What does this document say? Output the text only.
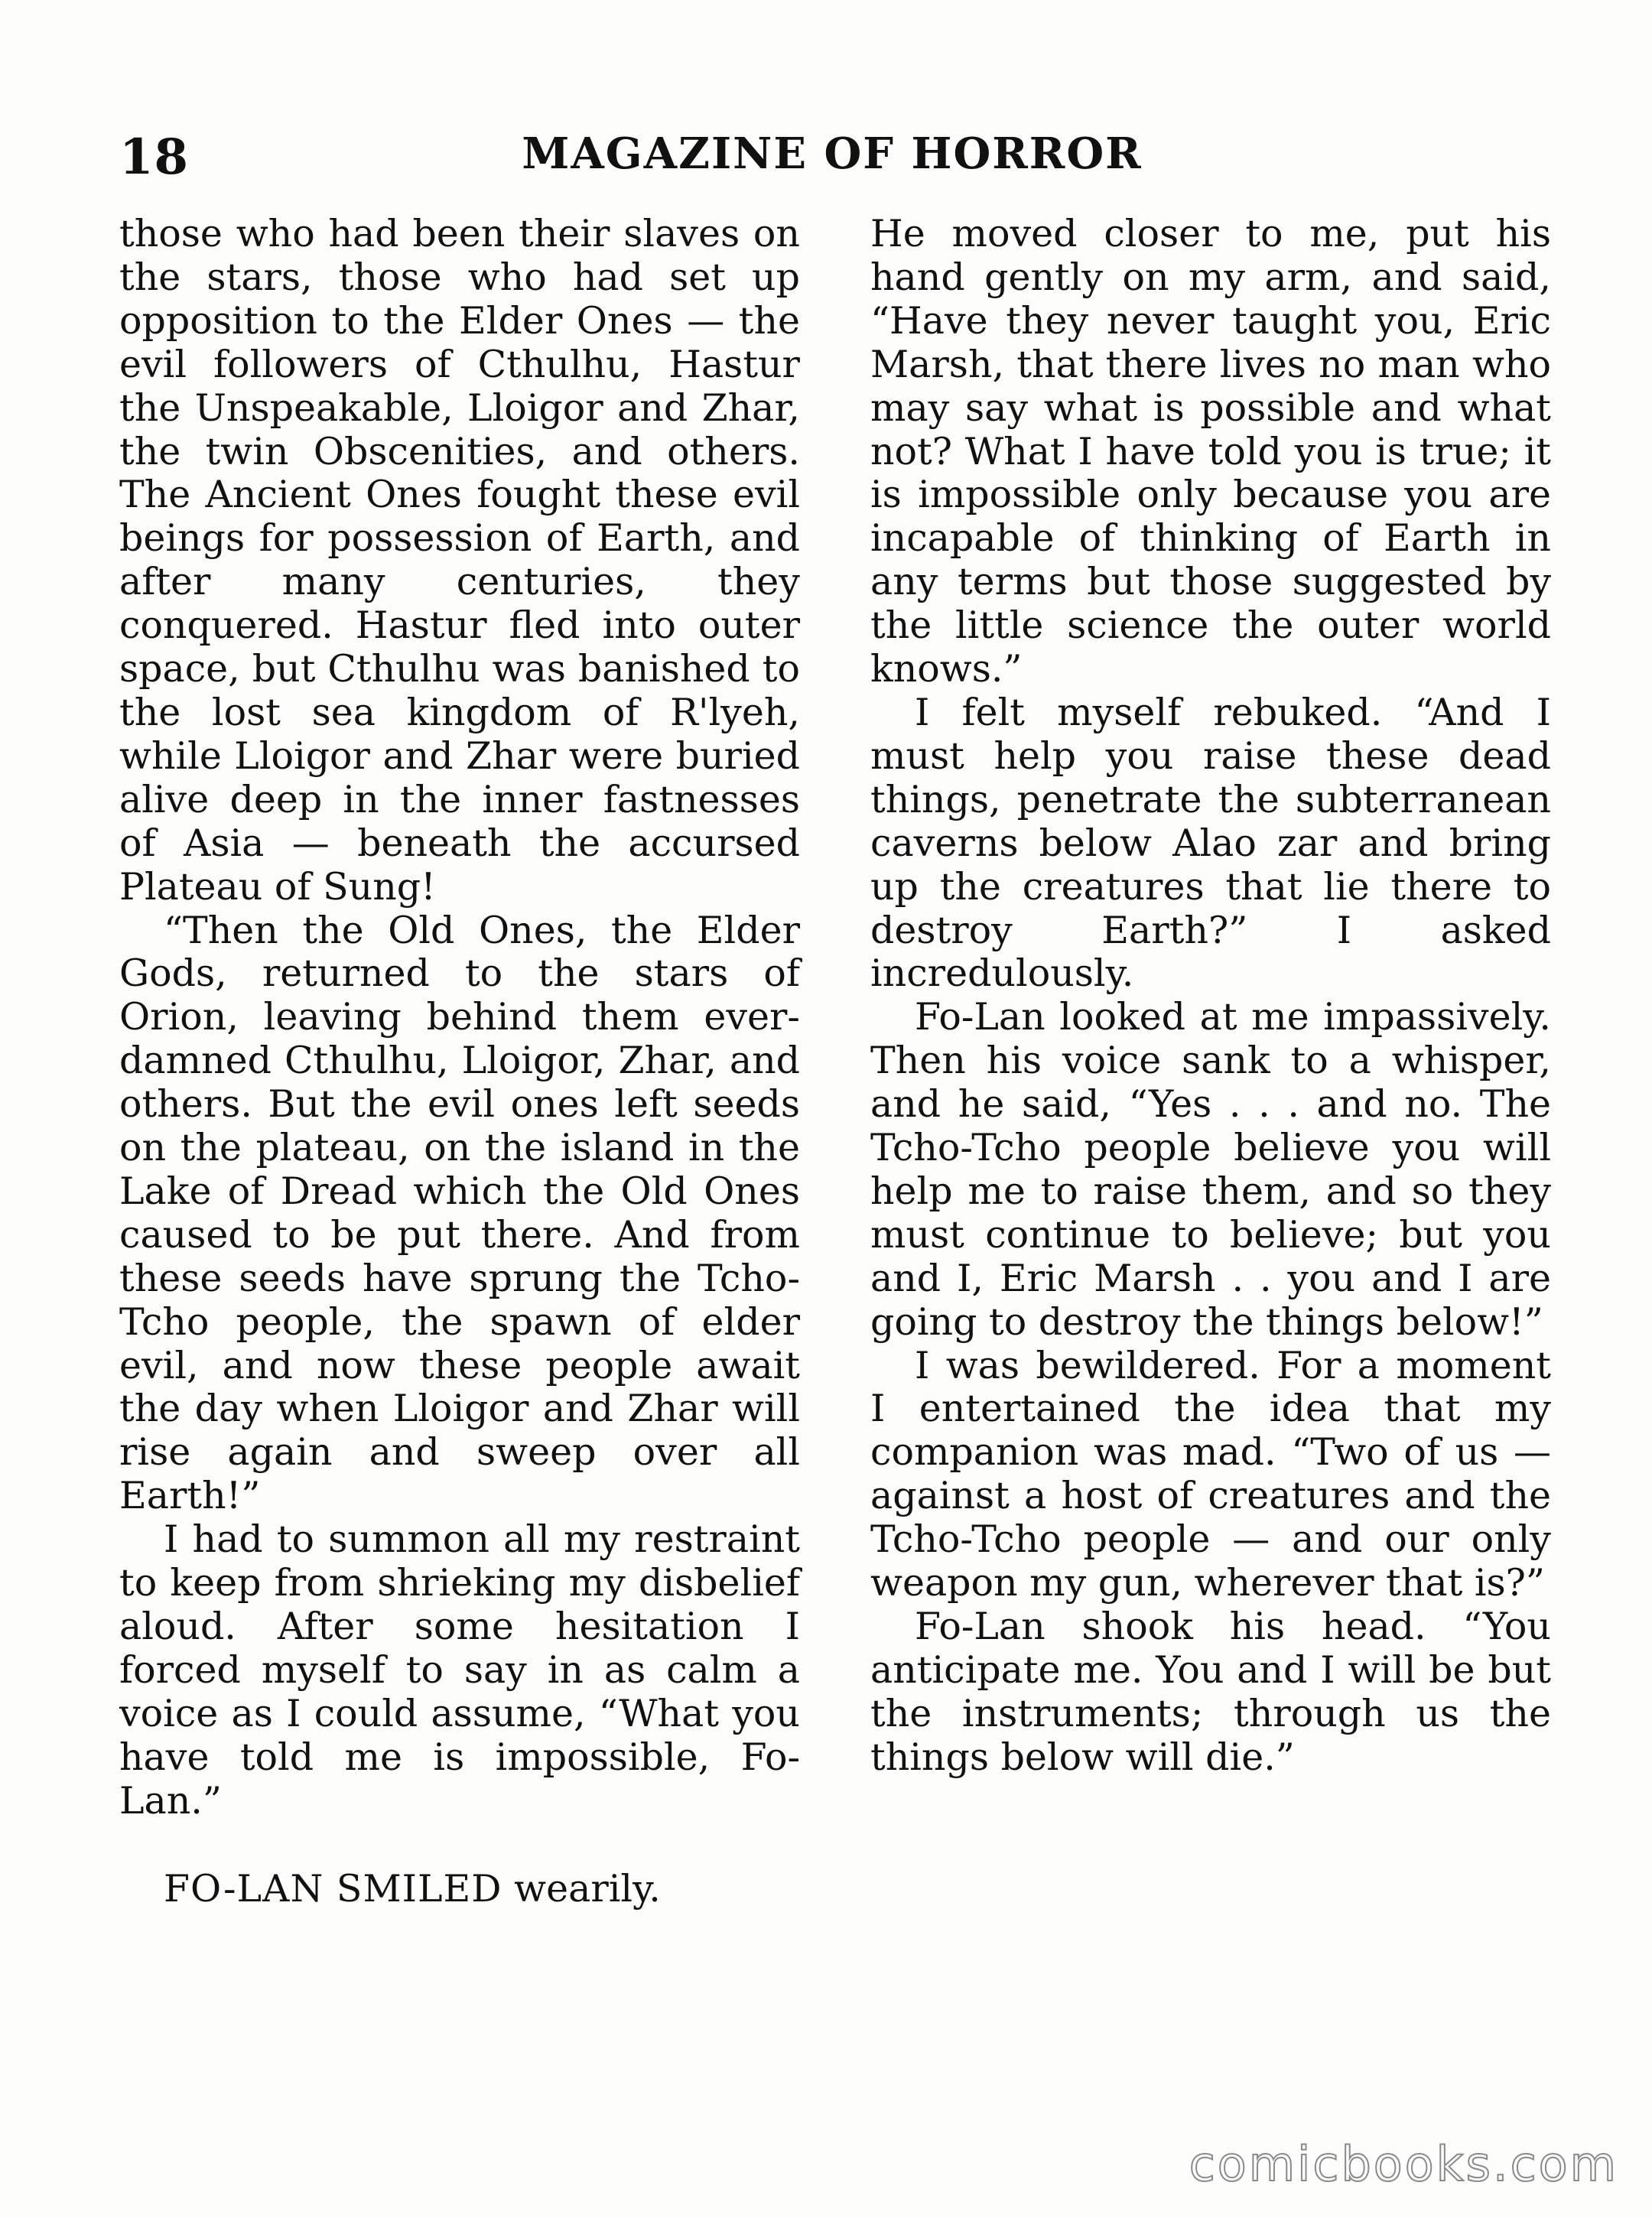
18	MAGAZINE OF HORROR

those who had been their slaves on the stars, those who had set up opposition to the Elder Ones — the evil followers of Cthulhu, Hastur the Unspeakable, Lloigor and Zhar, the twin Obscenities, and others. The Ancient Ones fought these evil beings for possession of Earth, and after many centuries, they conquered. Hastur fled into outer space, but Cthulhu was banished to the lost sea kingdom of R'lyeh, while Lloigor and Zhar were buried alive deep in the inner fastnesses of Asia — beneath the accursed Plateau of Sung!

“Then the Old Ones, the Elder Gods, returned to the stars of Orion, leaving behind them ever-damned Cthulhu, Lloigor, Zhar, and others. But the evil ones left seeds on the plateau, on the island in the Lake of Dread which the Old Ones caused to be put there. And from these seeds have sprung the Tcho-Tcho people, the spawn of elder evil, and now these people await the day when Lloigor and Zhar will rise again and sweep over all Earth!”

I had to summon all my restraint to keep from shrieking my disbelief aloud. After some hesitation I forced myself to say in as calm a voice as I could assume, “What you have told me is impossible, Fo-Lan.”

FO-LAN SMILED wearily.

He moved closer to me, put his hand gently on my arm, and said, “Have they never taught you, Eric Marsh, that there lives no man who may say what is possible and what not? What I have told you is true; it is impossible only because you are incapable of thinking of Earth in any terms but those suggested by the little science the outer world knows.”

I felt myself rebuked. “And I must help you raise these dead things, penetrate the subterranean caverns below Alao zar and bring up the creatures that lie there to destroy Earth?” I asked incredulously.

Fo-Lan looked at me impassively. Then his voice sank to a whisper, and he said, “Yes . . . and no. The Tcho-Tcho people believe you will help me to raise them, and so they must continue to believe; but you and I, Eric Marsh . . you and I are going to destroy the things below!”

I was bewildered. For a moment I entertained the idea that my companion was mad. “Two of us — against a host of creatures and the Tcho-Tcho people — and our only weapon my gun, wherever that is?”

Fo-Lan shook his head. “You anticipate me. You and I will be but the instruments; through us the things below will die.”

comicbooks.com
